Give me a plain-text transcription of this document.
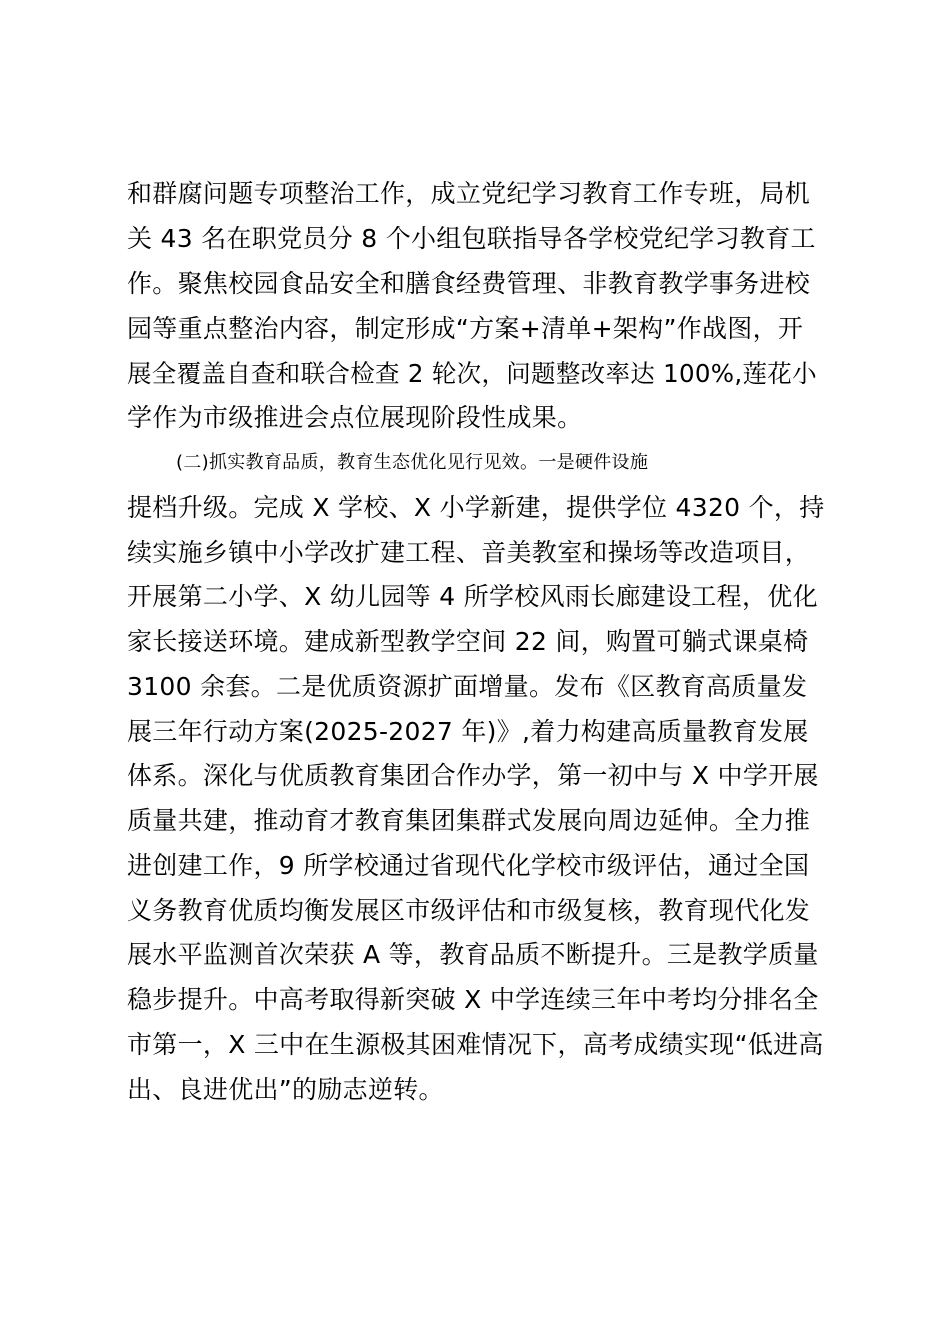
和群腐问题专项整治工作，成立党纪学习教育工作专班，局机
关 43 名在职党员分 8 个小组包联指导各学校党纪学习教育工
作。聚焦校园食品安全和膳食经费管理、非教育教学事务进校
园等重点整治内容，制定形成“方案+清单+架构”作战图，开
展全覆盖自查和联合检查 2 轮次，问题整改率达 100%,莲花小
学作为市级推进会点位展现阶段性成果。
(二)抓实教育品质，教育生态优化见行见效。一是硬件设施
提档升级。完成 X 学校、X 小学新建，提供学位 4320 个，持
续实施乡镇中小学改扩建工程、音美教室和操场等改造项目，
开展第二小学、X 幼儿园等 4 所学校风雨长廊建设工程，优化
家长接送环境。建成新型教学空间 22 间，购置可躺式课桌椅
3100 余套。二是优质资源扩面增量。发布《区教育高质量发
展三年行动方案(2025-2027 年)》,着力构建高质量教育发展
体系。深化与优质教育集团合作办学，第一初中与 X 中学开展
质量共建，推动育才教育集团集群式发展向周边延伸。全力推
进创建工作，9 所学校通过省现代化学校市级评估，通过全国
义务教育优质均衡发展区市级评估和市级复核，教育现代化发
展水平监测首次荣获 A 等，教育品质不断提升。三是教学质量
稳步提升。中高考取得新突破 X 中学连续三年中考均分排名全
市第一，X 三中在生源极其困难情况下，高考成绩实现“低进高
出、良进优出”的励志逆转。
